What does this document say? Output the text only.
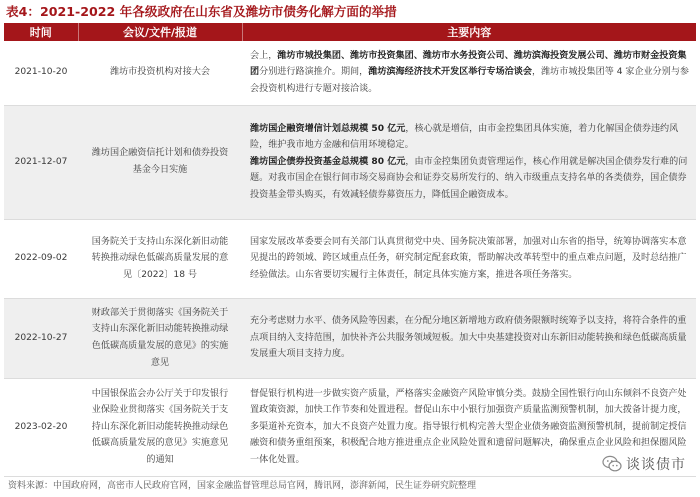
表4：2021-2022 年各级政府在山东省及潍坊市债务化解方面的举措
时间	会议/文件/报道	主要内容
2021-10-20	潍坊市投资机构对接大会	会上，潍坊市城投集团、潍坊市投资集团、潍坊市水务投资公司、潍坊滨海投资发展公司、潍坊市财金投资集团分别进行路演推介。期间，潍坊滨海经济技术开发区举行专场洽谈会，潍坊市城投集团等 4 家企业分别与参会投资机构进行专题对接洽谈。
2021-12-07	潍坊国企融资信托计划和债券投资基金今日实施	潍坊国企融资增信计划总规模 50 亿元，核心就是增信，由市金控集团具体实施，着力化解国企债券违约风险，维护我市地方金融和信用环境稳定。
潍坊国企债券投资基金总规模 80 亿元，由市金控集团负责管理运作，核心作用就是解决国企债券发行难的问题。对我市国企在银行间市场交易商协会和证券交易所发行的、纳入市级重点支持名单的各类债券，国企债券投资基金带头购买，有效减轻债券募资压力，降低国企融资成本。
2022-09-02	国务院关于支持山东深化新旧动能转换推动绿色低碳高质量发展的意见〔2022〕18 号	国家发展改革委要会同有关部门认真贯彻党中央、国务院决策部署，加强对山东省的指导，统筹协调落实本意见提出的跨领域、跨区域重点任务，研究制定配套政策，帮助解决改革转型中的重点难点问题，及时总结推广经验做法。山东省要切实履行主体责任，制定具体实施方案，推进各项任务落实。
2022-10-27	财政部关于贯彻落实《国务院关于支持山东深化新旧动能转换推动绿色低碳高质量发展的意见》的实施意见	充分考虑财力水平、债务风险等因素，在分配分地区新增地方政府债务限额时统筹予以支持，将符合条件的重点项目纳入支持范围，加快补齐公共服务领域短板。加大中央基建投资对山东新旧动能转换和绿色低碳高质量发展重大项目支持力度。
2023-02-20	中国银保监会办公厅关于印发银行业保险业贯彻落实《国务院关于支持山东深化新旧动能转换推动绿色低碳高质量发展的意见》实施意见的通知	督促银行机构进一步做实资产质量，严格落实金融资产风险审慎分类。鼓励全国性银行向山东倾斜不良资产处置政策资源，加快工作节奏和处置进程。督促山东中小银行加强资产质量监测预警机制，加大拨备计提力度，多渠道补充资本，加大不良资产处置力度。指导银行机构完善大型企业债务融资监测预警机制，提前制定授信融资和债务重组预案，积极配合地方推进重点企业风险处置和遗留问题解决，确保重点企业风险和担保圈风险一体化处置。	谈谈债市
资料来源：中国政府网，高密市人民政府官网，国家金融监督管理总局官网，腾讯网，澎湃新闻，民生证券研究院整理
